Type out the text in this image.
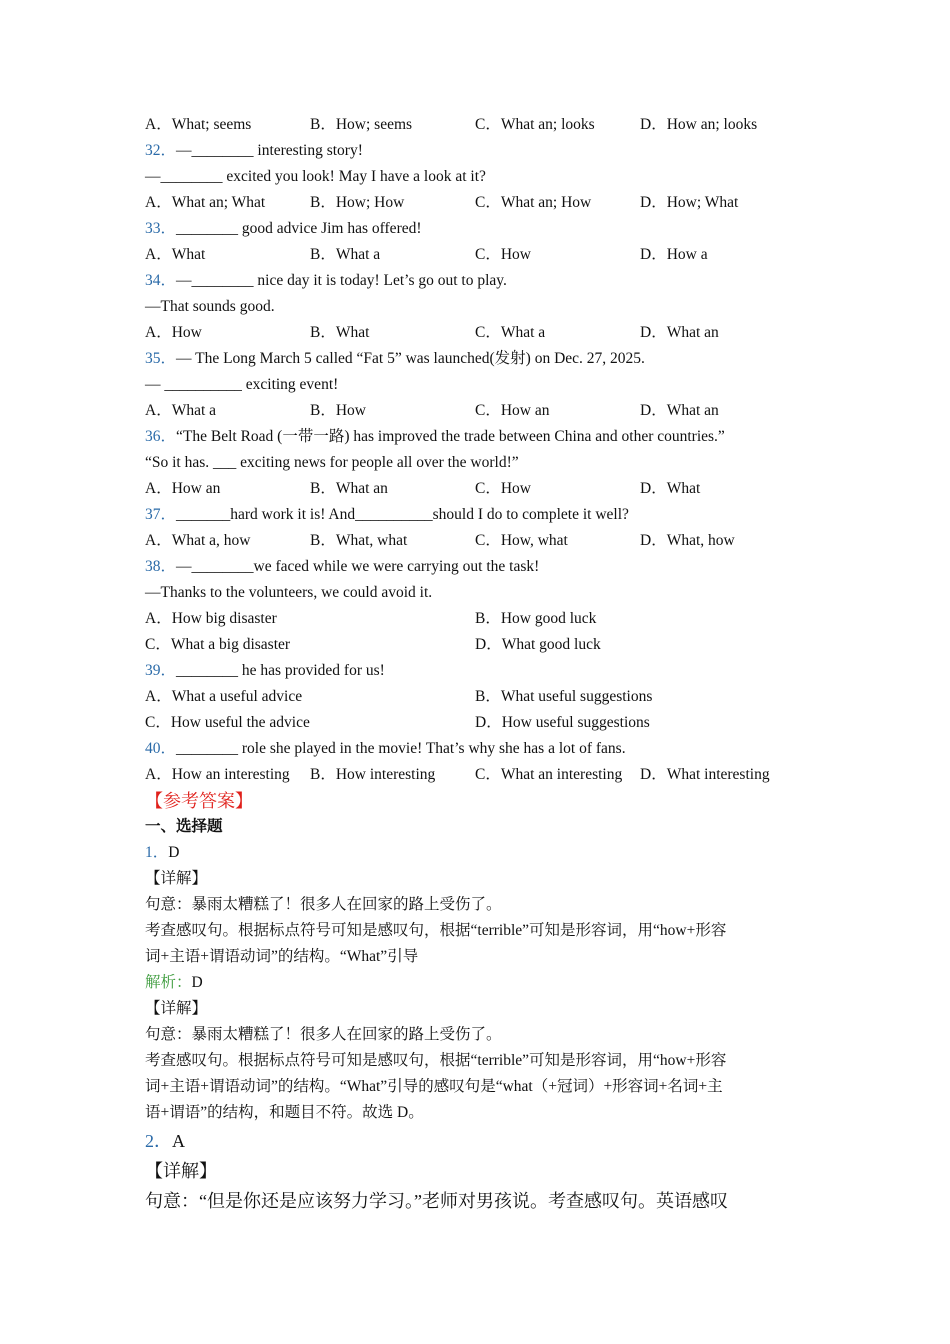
A．What; seems	B．How; seems	C．What an; looks	D．How an; looks
32．—________ interesting story!
—________ excited you look! May I have a look at it?
A．What an; What	B．How; How	C．What an; How	D．How; What
33．________ good advice Jim has offered!
A．What	B．What a	C．How	D．How a
34．—________ nice day it is today! Let’s go out to play.
—That sounds good.
A．How	B．What	C．What a	D．What an
35．— The Long March 5 called “Fat 5” was launched(发射) on Dec. 27, 2025.
— __________ exciting event!
A．What a	B．How	C．How an	D．What an
36．“The Belt Road (一带一路) has improved the trade between China and other countries.”
“So it has. ___ exciting news for people all over the world!”
A．How an	B．What an	C．How	D．What
37．_______hard work it is! And__________should I do to complete it well?
A．What a, how	B．What, what	C．How, what	D．What, how
38．—________we faced while we were carrying out the task!
—Thanks to the volunteers, we could avoid it.
A．How big disaster	B．How good luck
C．What a big disaster	D．What good luck
39．________ he has provided for us!
A．What a useful advice	B．What useful suggestions
C．How useful the advice	D．How useful suggestions
40．________ role she played in the movie! That’s why she has a lot of fans.
A．How an interesting B．How interesting	C．What an interesting D．What interesting
【参考答案】
一、选择题
1．D
【详解】
句意：暴雨太糟糕了！很多人在回家的路上受伤了。
考查感叹句。根据标点符号可知是感叹句，根据“terrible”可知是形容词，用“how+形容
词+主语+谓语动词”的结构。“What”引导
解析：D
【详解】
句意：暴雨太糟糕了！很多人在回家的路上受伤了。
考查感叹句。根据标点符号可知是感叹句，根据“terrible”可知是形容词，用“how+形容
词+主语+谓语动词”的结构。“What”引导的感叹句是“what（+冠词）+形容词+名词+主
语+谓语”的结构，和题目不符。故选 D。
2．A
【详解】
句意：“但是你还是应该努力学习。”老师对男孩说。考查感叹句。英语感叹
